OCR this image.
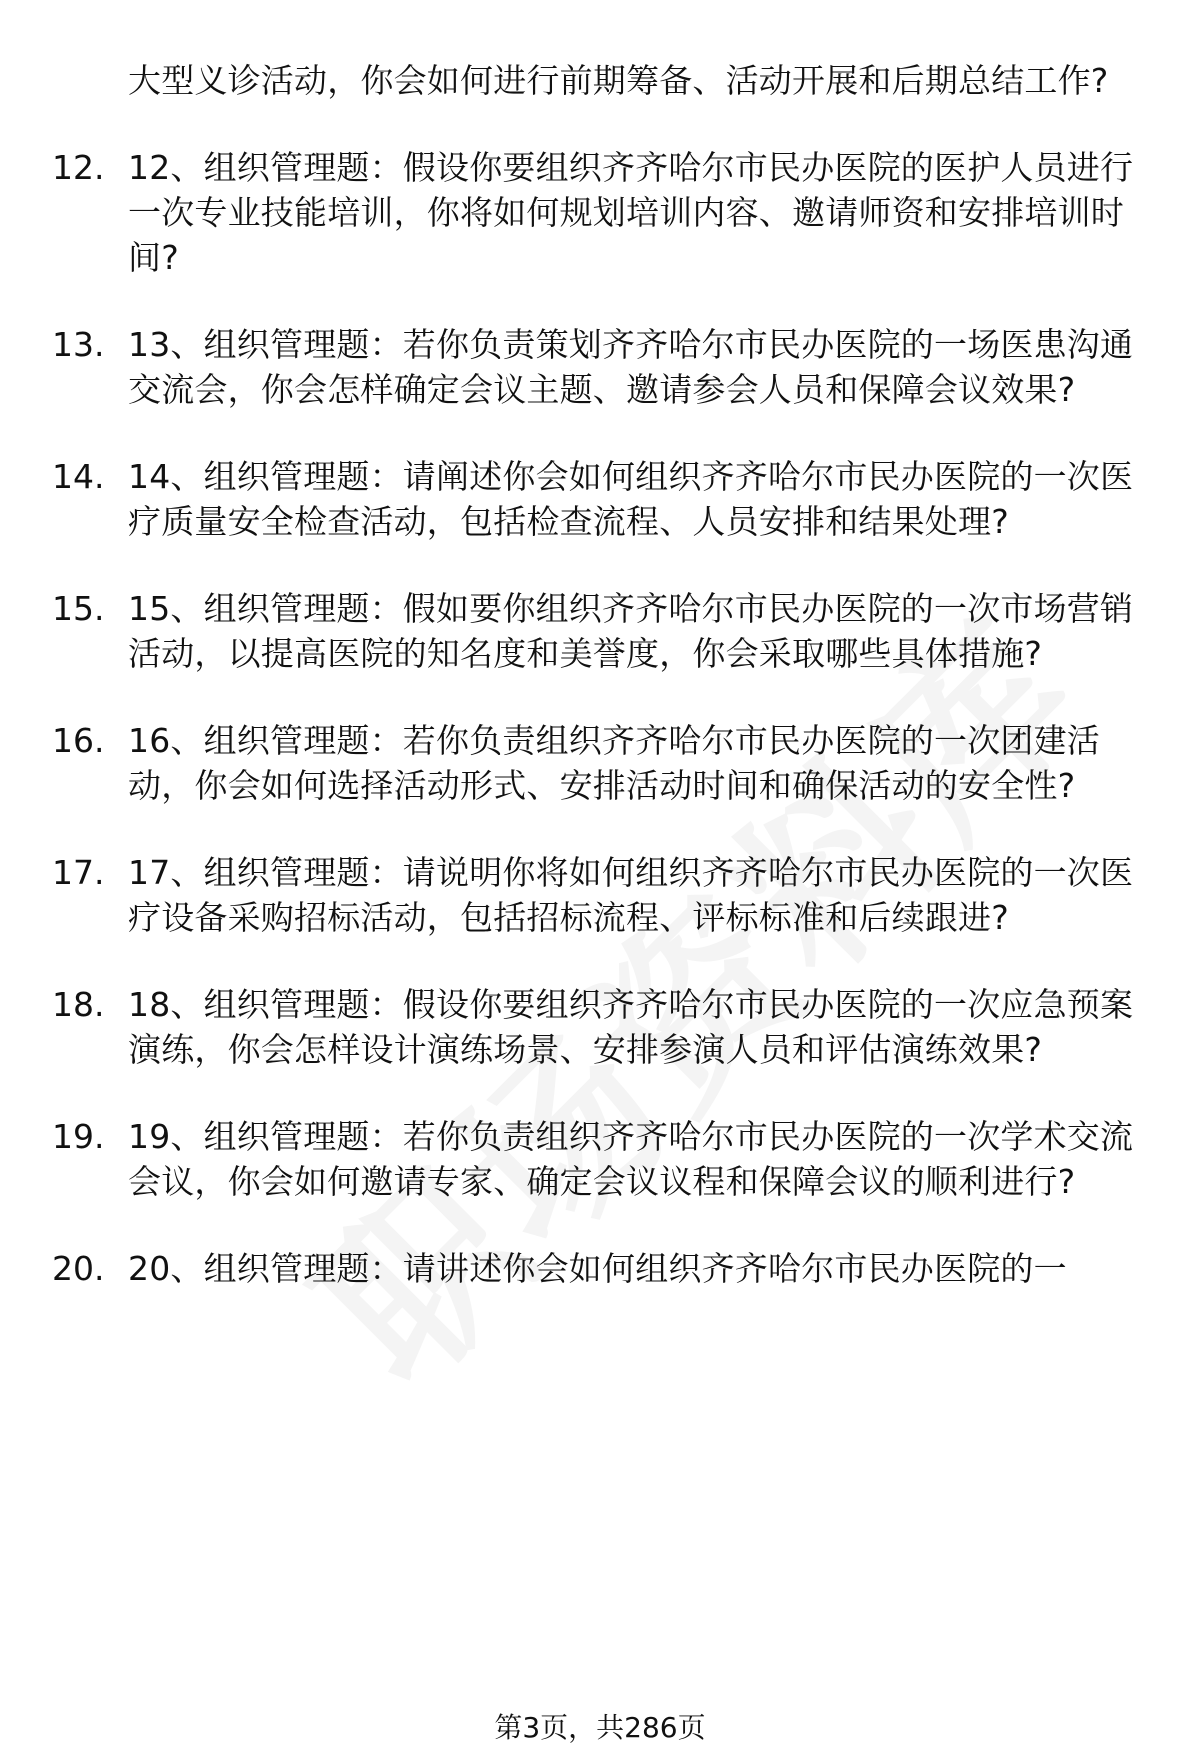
大型义诊活动，你会如何进行前期筹备、活动开展和后期总结工作?
12. 12、组织管理题：假设你要组织齐齐哈尔市民办医院的医护人员进行一次专业技能培训，你将如何规划培训内容、邀请师资和安排培训时间?
13. 13、组织管理题：若你负责策划齐齐哈尔市民办医院的一场医患沟通交流会，你会怎样确定会议主题、邀请参会人员和保障会议效果?
14. 14、组织管理题：请阐述你会如何组织齐齐哈尔市民办医院的一次医疗质量安全检查活动，包括检查流程、人员安排和结果处理?
15. 15、组织管理题：假如要你组织齐齐哈尔市民办医院的一次市场营销活动，以提高医院的知名度和美誉度，你会采取哪些具体措施?
16. 16、组织管理题：若你负责组织齐齐哈尔市民办医院的一次团建活动，你会如何选择活动形式、安排活动时间和确保活动的安全性?
17. 17、组织管理题：请说明你将如何组织齐齐哈尔市民办医院的一次医疗设备采购招标活动，包括招标流程、评标标准和后续跟进?
18. 18、组织管理题：假设你要组织齐齐哈尔市民办医院的一次应急预案演练，你会怎样设计演练场景、安排参演人员和评估演练效果?
19. 19、组织管理题：若你负责组织齐齐哈尔市民办医院的一次学术交流会议，你会如何邀请专家、确定会议议程和保障会议的顺利进行?
20. 20、组织管理题：请讲述你会如何组织齐齐哈尔市民办医院的一
第3页，共286页
